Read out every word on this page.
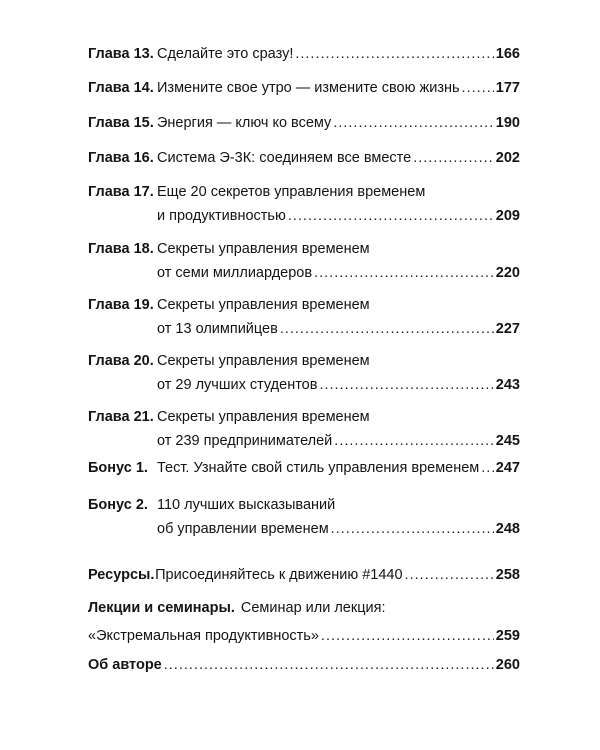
Глава 13. Сделайте это сразу! .....	166
Глава 14. Измените свое утро — измените свою жизнь .....	177
Глава 15. Энергия — ключ ко всему .....	190
Глава 16. Система Э-3К: соединяем все вместе .....	202
Глава 17. Еще 20 секретов управления временем
и продуктивностью .....	209
Глава 18. Секреты управления временем
от семи миллиардеров .....	220
Глава 19. Секреты управления временем
от 13 олимпийцев .....	227
Глава 20. Секреты управления временем
от 29 лучших студентов .....	243
Глава 21. Секреты управления временем
от 239 предпринимателей .....	245
Бонус 1. Тест. Узнайте свой стиль управления временем ..... 247
Бонус 2. 110 лучших высказываний
об управлении временем .....	248
Ресурсы. Присоединяйтесь к движению #1440 .....	258
Лекции и семинары. Семинар или лекция:
«Экстремальная продуктивность» .....	259
Об авторе .....	260
